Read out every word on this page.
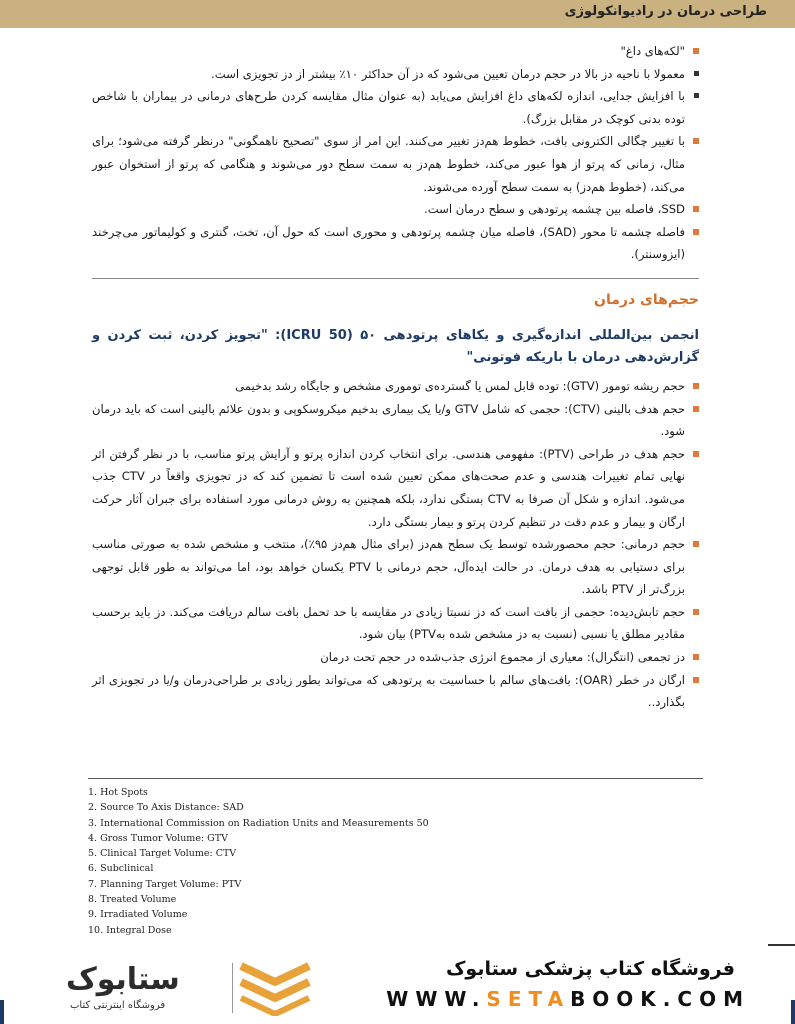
طراحی درمان در رادیوانکولوژی
"لکه‌های داغ"
معمولا با ناحیه دز بالا در حجم درمان تعیین می‌شود که دز آن حداکثر ۱۰٪ بیشتر از دز تجویزی است.
با افزایش جدایی، اندازه لکه‌های داغ افزایش می‌یابد (به عنوان مثال مقایسه کردن طرح‌های درمانی در بیماران با شاخص توده بدنی کوچک در مقابل بزرگ).
با تغییر چگالی الکترونی بافت، خطوط هم‌دز تغییر می‌کنند. این امر از سوی "تصحیح ناهمگونی" درنظر گرفته می‌شود؛ برای مثال، زمانی که پرتو از هوا عبور می‌کند، خطوط هم‌دز به سمت سطح دور می‌شوند و هنگامی که پرتو از استخوان عبور می‌کند، (خطوط هم‌دز) به سمت سطح آورده می‌شوند.
SSD، فاصله بین چشمه پرتودهی و سطح درمان است.
فاصله چشمه تا محور (SAD)، فاصله میان چشمه پرتودهی و محوری است که حول آن، تخت، گنتری و کولیماتور می‌چرخند (ایزوسنتر).
حجم‌های درمان
انجمن بین‌المللی اندازه‌گیری و یکاهای پرتودهی ۵۰ (ICRU 50): "تجویز کردن، ثبت کردن و گزارش‌دهی درمان با باریکه فوتونی"
حجم ریشه تومور (GTV): توده قابل لمس یا گسترده‌ی توموری مشخص و جایگاه رشد بدخیمی
حجم هدف بالینی (CTV): حجمی که شامل GTV و/یا یک بیماری بدخیم میکروسکوپی و بدون علائم بالینی است که باید درمان شود.
حجم هدف در طراحی (PTV): مفهومی هندسی. برای انتخاب کردن اندازه پرتو و آرایش پرتو مناسب، با در نظر گرفتن اثر نهایی تمام تغییرات هندسی و عدم صحت‌های ممکن تعیین شده است تا تضمین کند که دز تجویزی واقعاً در CTV جذب می‌شود. اندازه و شکل آن صرفا به CTV بستگی ندارد، بلکه همچنین به روش درمانی مورد استفاده برای جبران آثار حرکت ارگان و بیمار و عدم دقت در تنظیم کردن پرتو و بیمار بستگی دارد.
حجم درمانی: حجم محصورشده توسط یک سطح هم‌دز (برای مثال هم‌دز ۹۵٪)، منتخب و مشخص شده به صورتی مناسب برای دستیابی به هدف درمان. در حالت ایده‌آل، حجم درمانی با PTV یکسان خواهد بود، اما می‌تواند به طور قابل توجهی بزرگ‌تر از PTV باشد.
حجم تابش‌دیده: حجمی از بافت است که دز نسبتا زیادی در مقایسه با حد تحمل بافت سالم دریافت می‌کند. دز باید برحسب مقادیر مطلق یا نسبی (نسبت به دز مشخص شده بهPTV) بیان شود.
دز تجمعی (انتگرال): معیاری از مجموع انرژی جذب‌شده در حجم تحت درمان
ارگان در خطر (OAR): بافت‌های سالم با حساسیت به پرتودهی که می‌تواند بطور زیادی بر طراحی‌درمان و/یا در تجویزی اثر بگذارد..
1. Hot Spots
2. Source To Axis Distance: SAD
3. International Commission on Radiation Units and Measurements 50
4. Gross Tumor Volume: GTV
5. Clinical Target Volume: CTV
6. Subclinical
7. Planning Target Volume: PTV
8. Treated Volume
9. Irradiated Volume
10. Integral Dose
ستابوک
فروشگاه اینترنتی کتاب
فروشگاه کتاب پزشکی ستابوک
WWW.SETABOOK.COM
